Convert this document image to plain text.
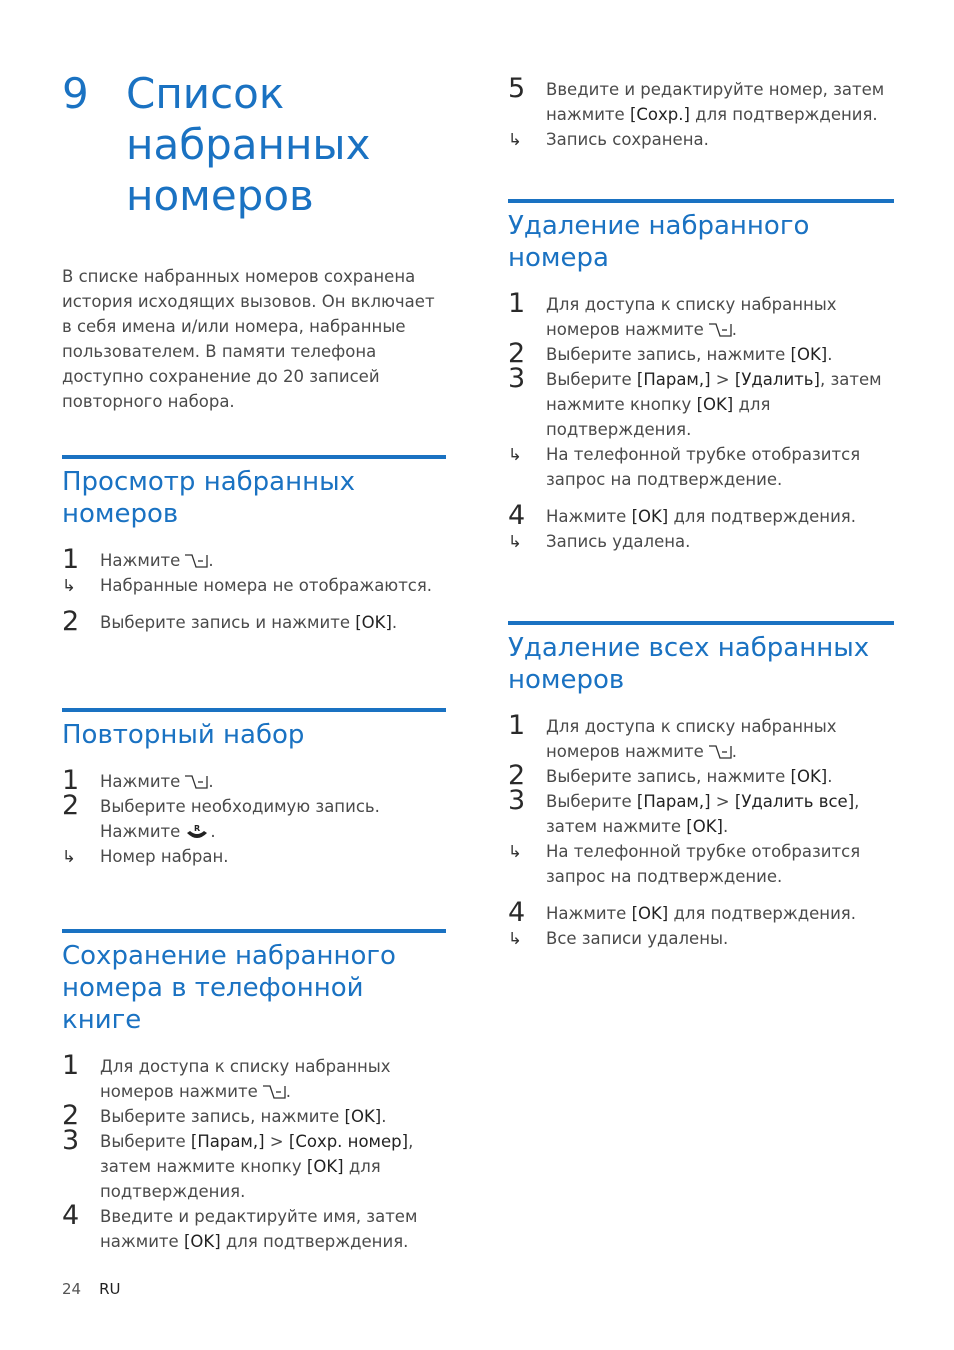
9 Список набранных номеров
В списке набранных номеров сохранена история исходящих вызовов. Он включает в себя имена и/или номера, набранные пользователем. В памяти телефона доступно сохранение до 20 записей повторного набора.
Просмотр набранных номеров
1 Нажмите .
↳ Набранные номера не отображаются.
2 Выберите запись и нажмите [OK].
Повторный набор
1 Нажмите .
2 Выберите необходимую запись. Нажмите R .
↳ Номер набран.
Сохранение набранного номера в телефонной книге
1 Для доступа к списку набранных номеров нажмите .
2 Выберите запись, нажмите [OK].
3 Выберите [Парам,] > [Сохр. номер], затем нажмите кнопку [OK] для подтверждения.
4 Введите и редактируйте имя, затем нажмите [OK] для подтверждения.
5 Введите и редактируйте номер, затем нажмите [Сохр.] для подтверждения.
↳ Запись сохранена.
Удаление набранного номера
1 Для доступа к списку набранных номеров нажмите .
2 Выберите запись, нажмите [OK].
3 Выберите [Парам,] > [Удалить], затем нажмите кнопку [OK] для подтверждения.
↳ На телефонной трубке отобразится запрос на подтверждение.
4 Нажмите [OK] для подтверждения.
↳ Запись удалена.
Удаление всех набранных номеров
1 Для доступа к списку набранных номеров нажмите .
2 Выберите запись, нажмите [OK].
3 Выберите [Парам,] > [Удалить все], затем нажмите [OK].
↳ На телефонной трубке отобразится запрос на подтверждение.
4 Нажмите [OK] для подтверждения.
↳ Все записи удалены.
24 RU
